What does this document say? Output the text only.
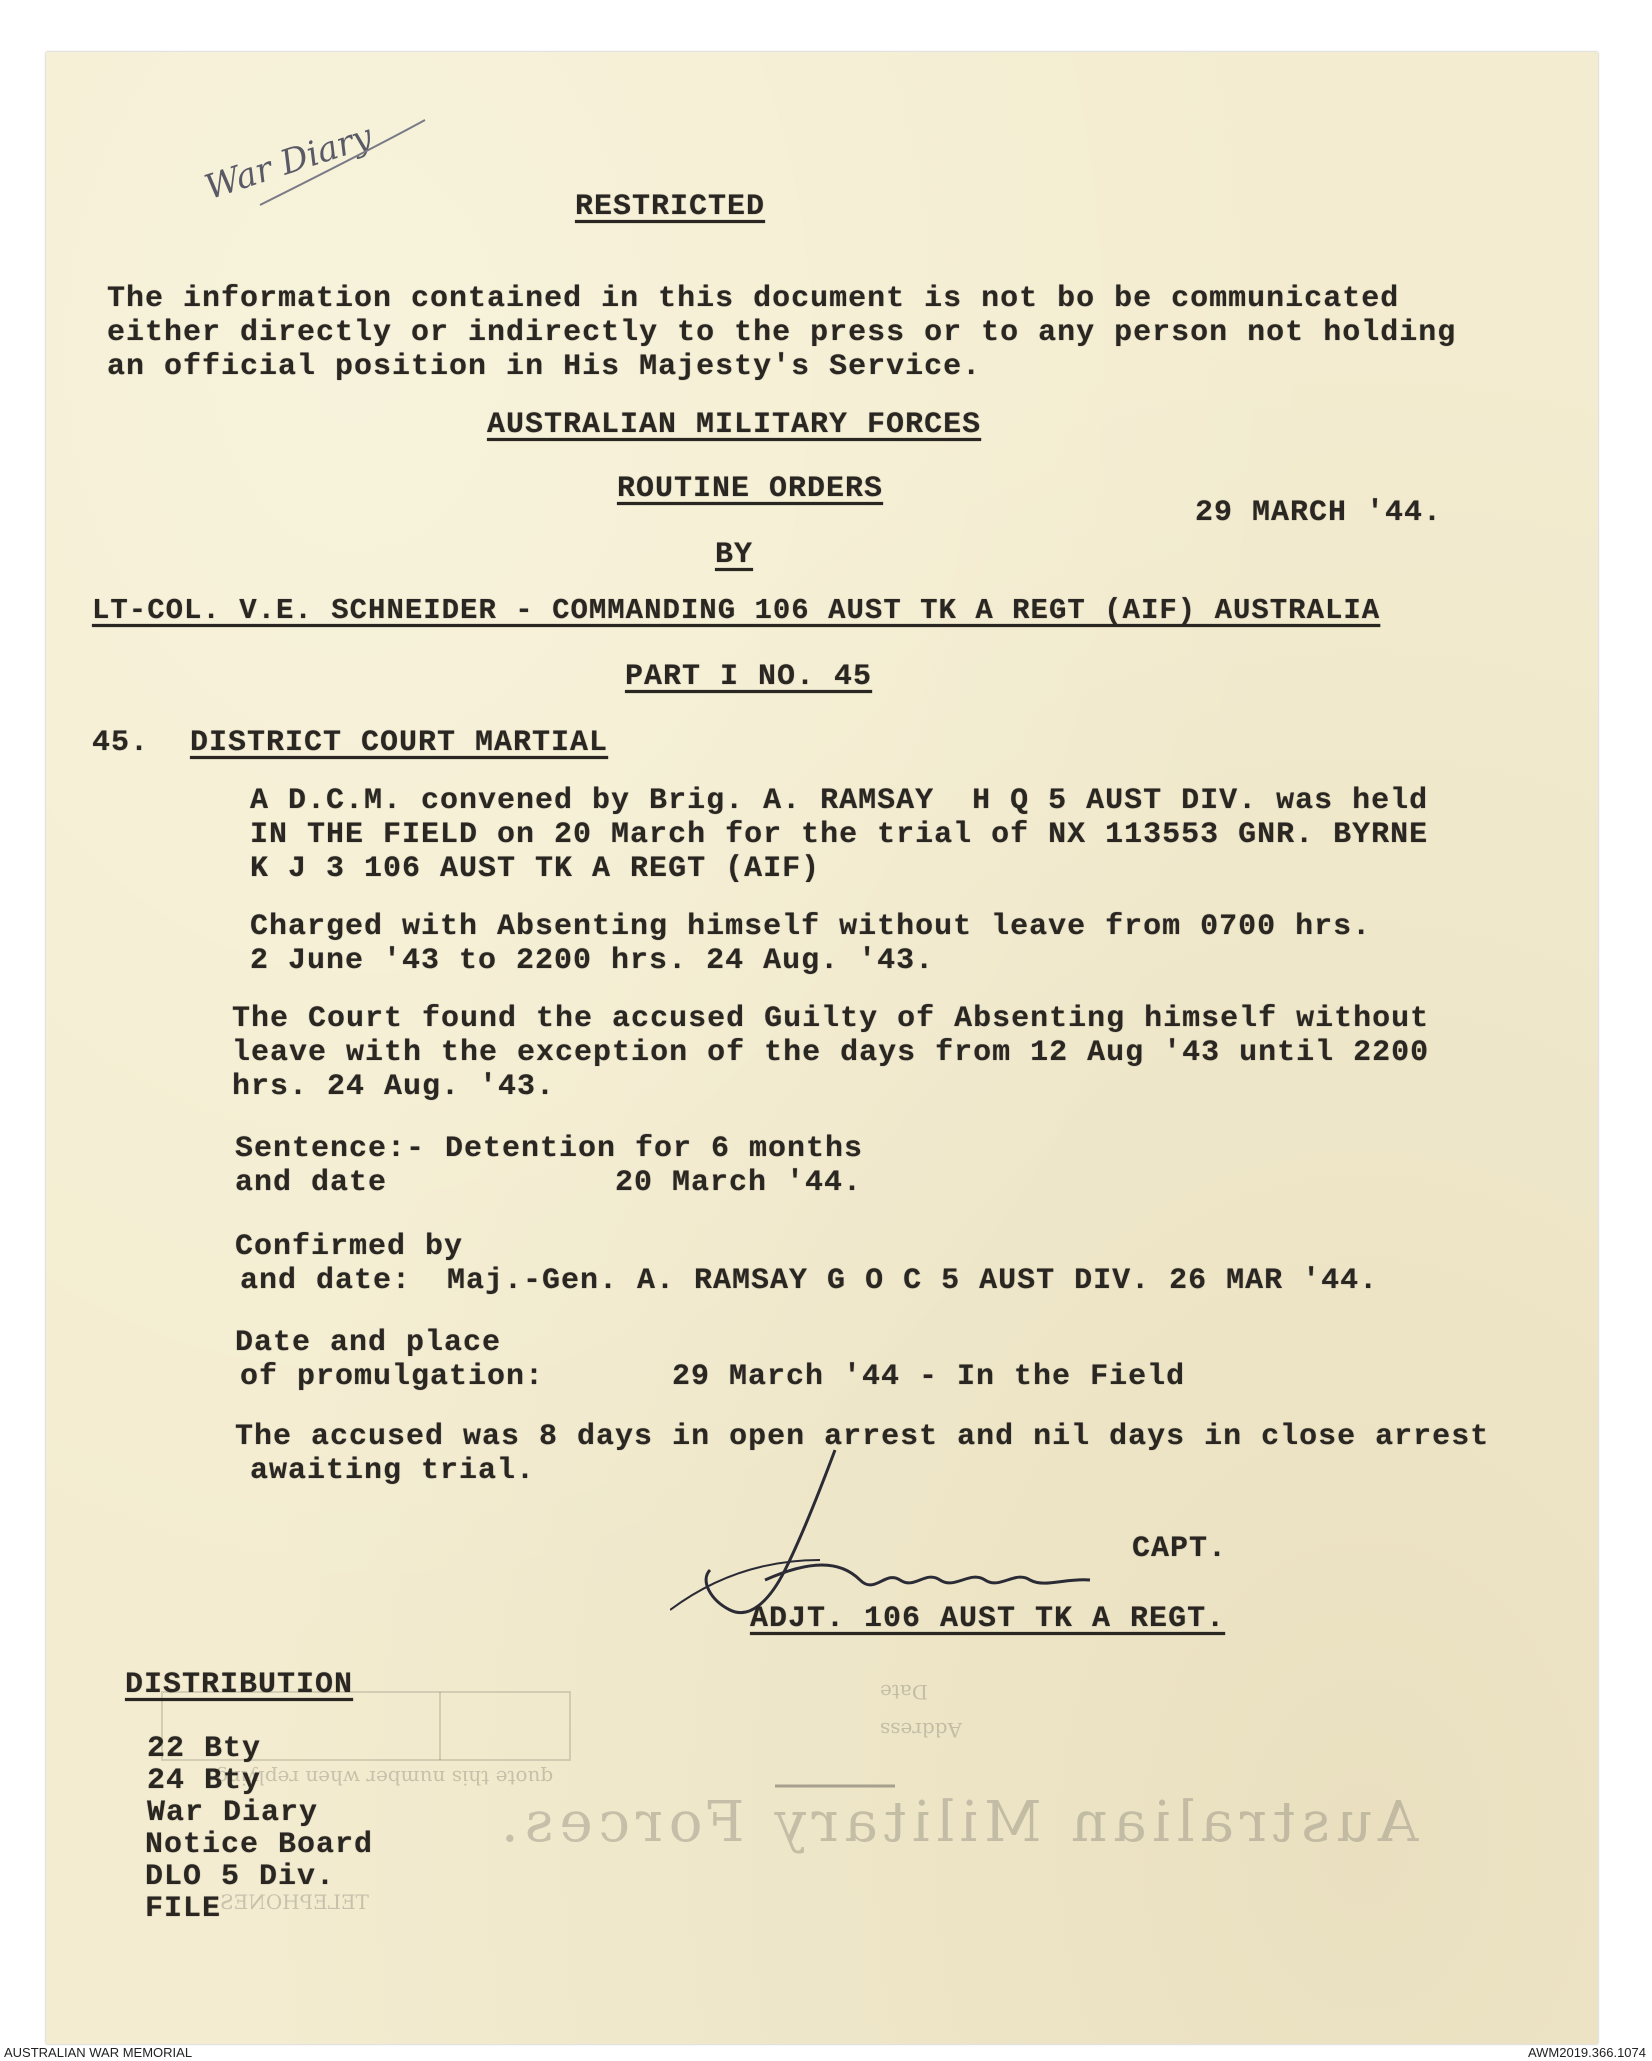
War Diary
Australian Military Forces.
Date
Address
quote this number when replying
TELEPHONES
RESTRICTED
The information contained in this document is not bo be communicated
either directly or indirectly to the press or to any person not holding
an official position in His Majesty's Service.
AUSTRALIAN MILITARY FORCES
ROUTINE ORDERS
29 MARCH '44.
BY
LT-COL. V.E. SCHNEIDER - COMMANDING 106 AUST TK A REGT (AIF) AUSTRALIA
PART I NO. 45
45. DISTRICT COURT MARTIAL
A D.C.M. convened by Brig. A. RAMSAY  H Q 5 AUST DIV. was held
IN THE FIELD on 20 March for the trial of NX 113553 GNR. BYRNE
K J 3 106 AUST TK A REGT (AIF)
Charged with Absenting himself without leave from 0700 hrs.
2 June '43 to 2200 hrs. 24 Aug. '43.
The Court found the accused Guilty of Absenting himself without
leave with the exception of the days from 12 Aug '43 until 2200
hrs. 24 Aug. '43.
Sentence:-
and date
Detention for 6 months
20 March '44.
Confirmed by
and date: Maj.-Gen. A. RAMSAY G O C 5 AUST DIV. 26 MAR '44.
Date and place
of promulgation:	29 March '44 - In the Field
The accused was 8 days in open arrest and nil days in close arrest
awaiting trial.
CAPT.
ADJT. 106 AUST TK A REGT.
DISTRIBUTION
22 Bty
24 Bty
War Diary
Notice Board
DLO 5 Div.
FILE
AUSTRALIAN WAR MEMORIAL	AWM2019.366.1074
